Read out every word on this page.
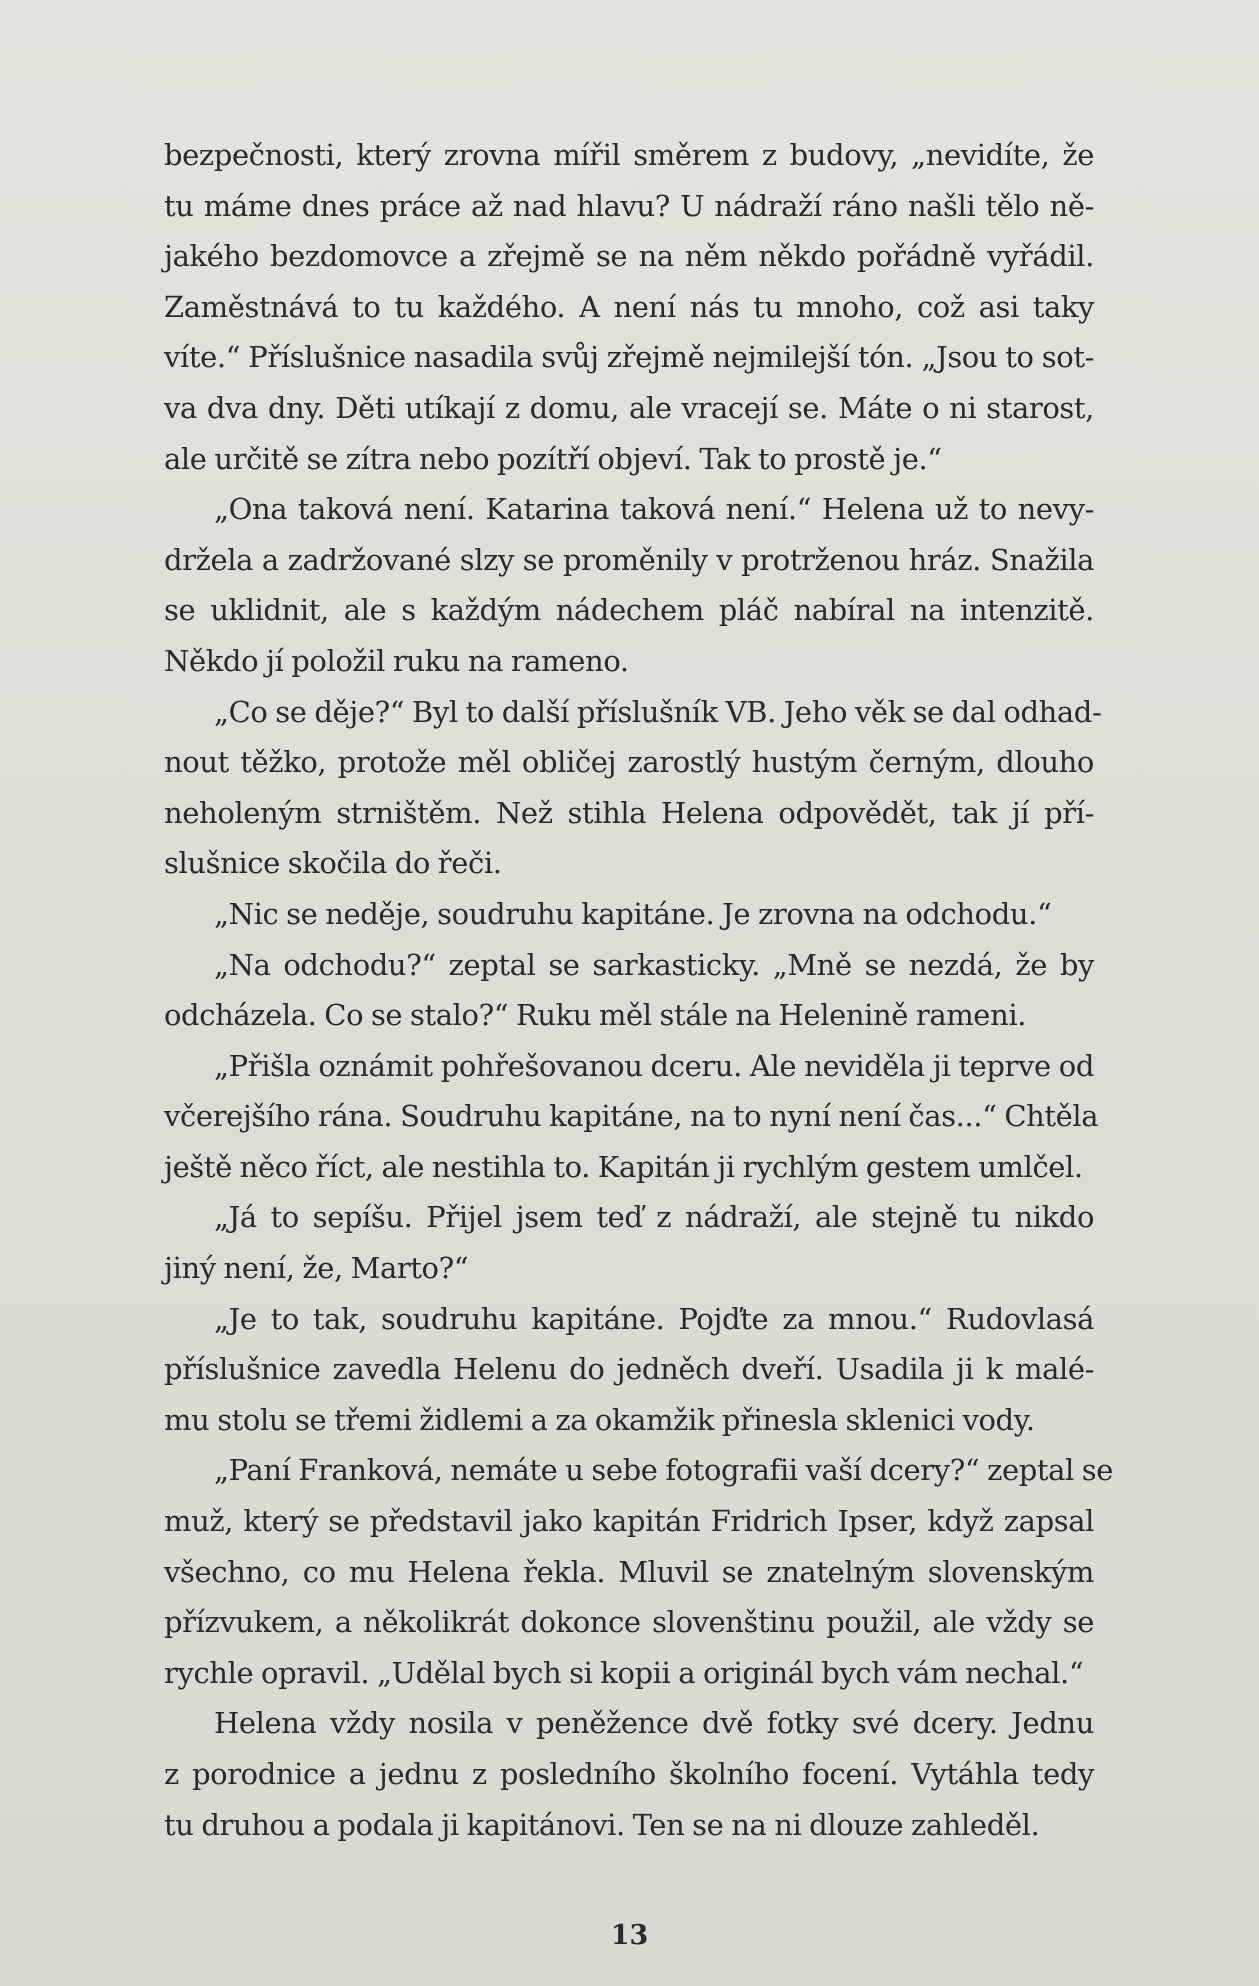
bezpečnosti, který zrovna mířil směrem z budovy, „nevidíte, že
tu máme dnes práce až nad hlavu? U nádraží ráno našli tělo ně-
jakého bezdomovce a zřejmě se na něm někdo pořádně vyřádil.
Zaměstnává to tu každého. A není nás tu mnoho, což asi taky
víte.“ Příslušnice nasadila svůj zřejmě nejmilejší tón. „Jsou to sot-
va dva dny. Děti utíkají z domu, ale vracejí se. Máte o ni starost,
ale určitě se zítra nebo pozítří objeví. Tak to prostě je.“
„Ona taková není. Katarina taková není.“ Helena už to nevy-
držela a zadržované slzy se proměnily v protrženou hráz. Snažila
se uklidnit, ale s každým nádechem pláč nabíral na intenzitě.
Někdo jí položil ruku na rameno.
„Co se děje?“ Byl to další příslušník VB. Jeho věk se dal odhad-
nout těžko, protože měl obličej zarostlý hustým černým, dlouho
neholeným strništěm. Než stihla Helena odpovědět, tak jí pří-
slušnice skočila do řeči.
„Nic se neděje, soudruhu kapitáne. Je zrovna na odchodu.“
„Na odchodu?“ zeptal se sarkasticky. „Mně se nezdá, že by
odcházela. Co se stalo?“ Ruku měl stále na Helenině rameni.
„Přišla oznámit pohřešovanou dceru. Ale neviděla ji teprve od
včerejšího rána. Soudruhu kapitáne, na to nyní není čas...“ Chtěla
ještě něco říct, ale nestihla to. Kapitán ji rychlým gestem umlčel.
„Já to sepíšu. Přijel jsem teď z nádraží, ale stejně tu nikdo
jiný není, že, Marto?“
„Je to tak, soudruhu kapitáne. Pojďte za mnou.“ Rudovlasá
příslušnice zavedla Helenu do jedněch dveří. Usadila ji k malé-
mu stolu se třemi židlemi a za okamžik přinesla sklenici vody.
„Paní Franková, nemáte u sebe fotografii vaší dcery?“ zeptal se
muž, který se představil jako kapitán Fridrich Ipser, když zapsal
všechno, co mu Helena řekla. Mluvil se znatelným slovenským
přízvukem, a několikrát dokonce slovenštinu použil, ale vždy se
rychle opravil. „Udělal bych si kopii a originál bych vám nechal.“
Helena vždy nosila v peněžence dvě fotky své dcery. Jednu
z porodnice a jednu z posledního školního focení. Vytáhla tedy
tu druhou a podala ji kapitánovi. Ten se na ni dlouze zahleděl.
13
